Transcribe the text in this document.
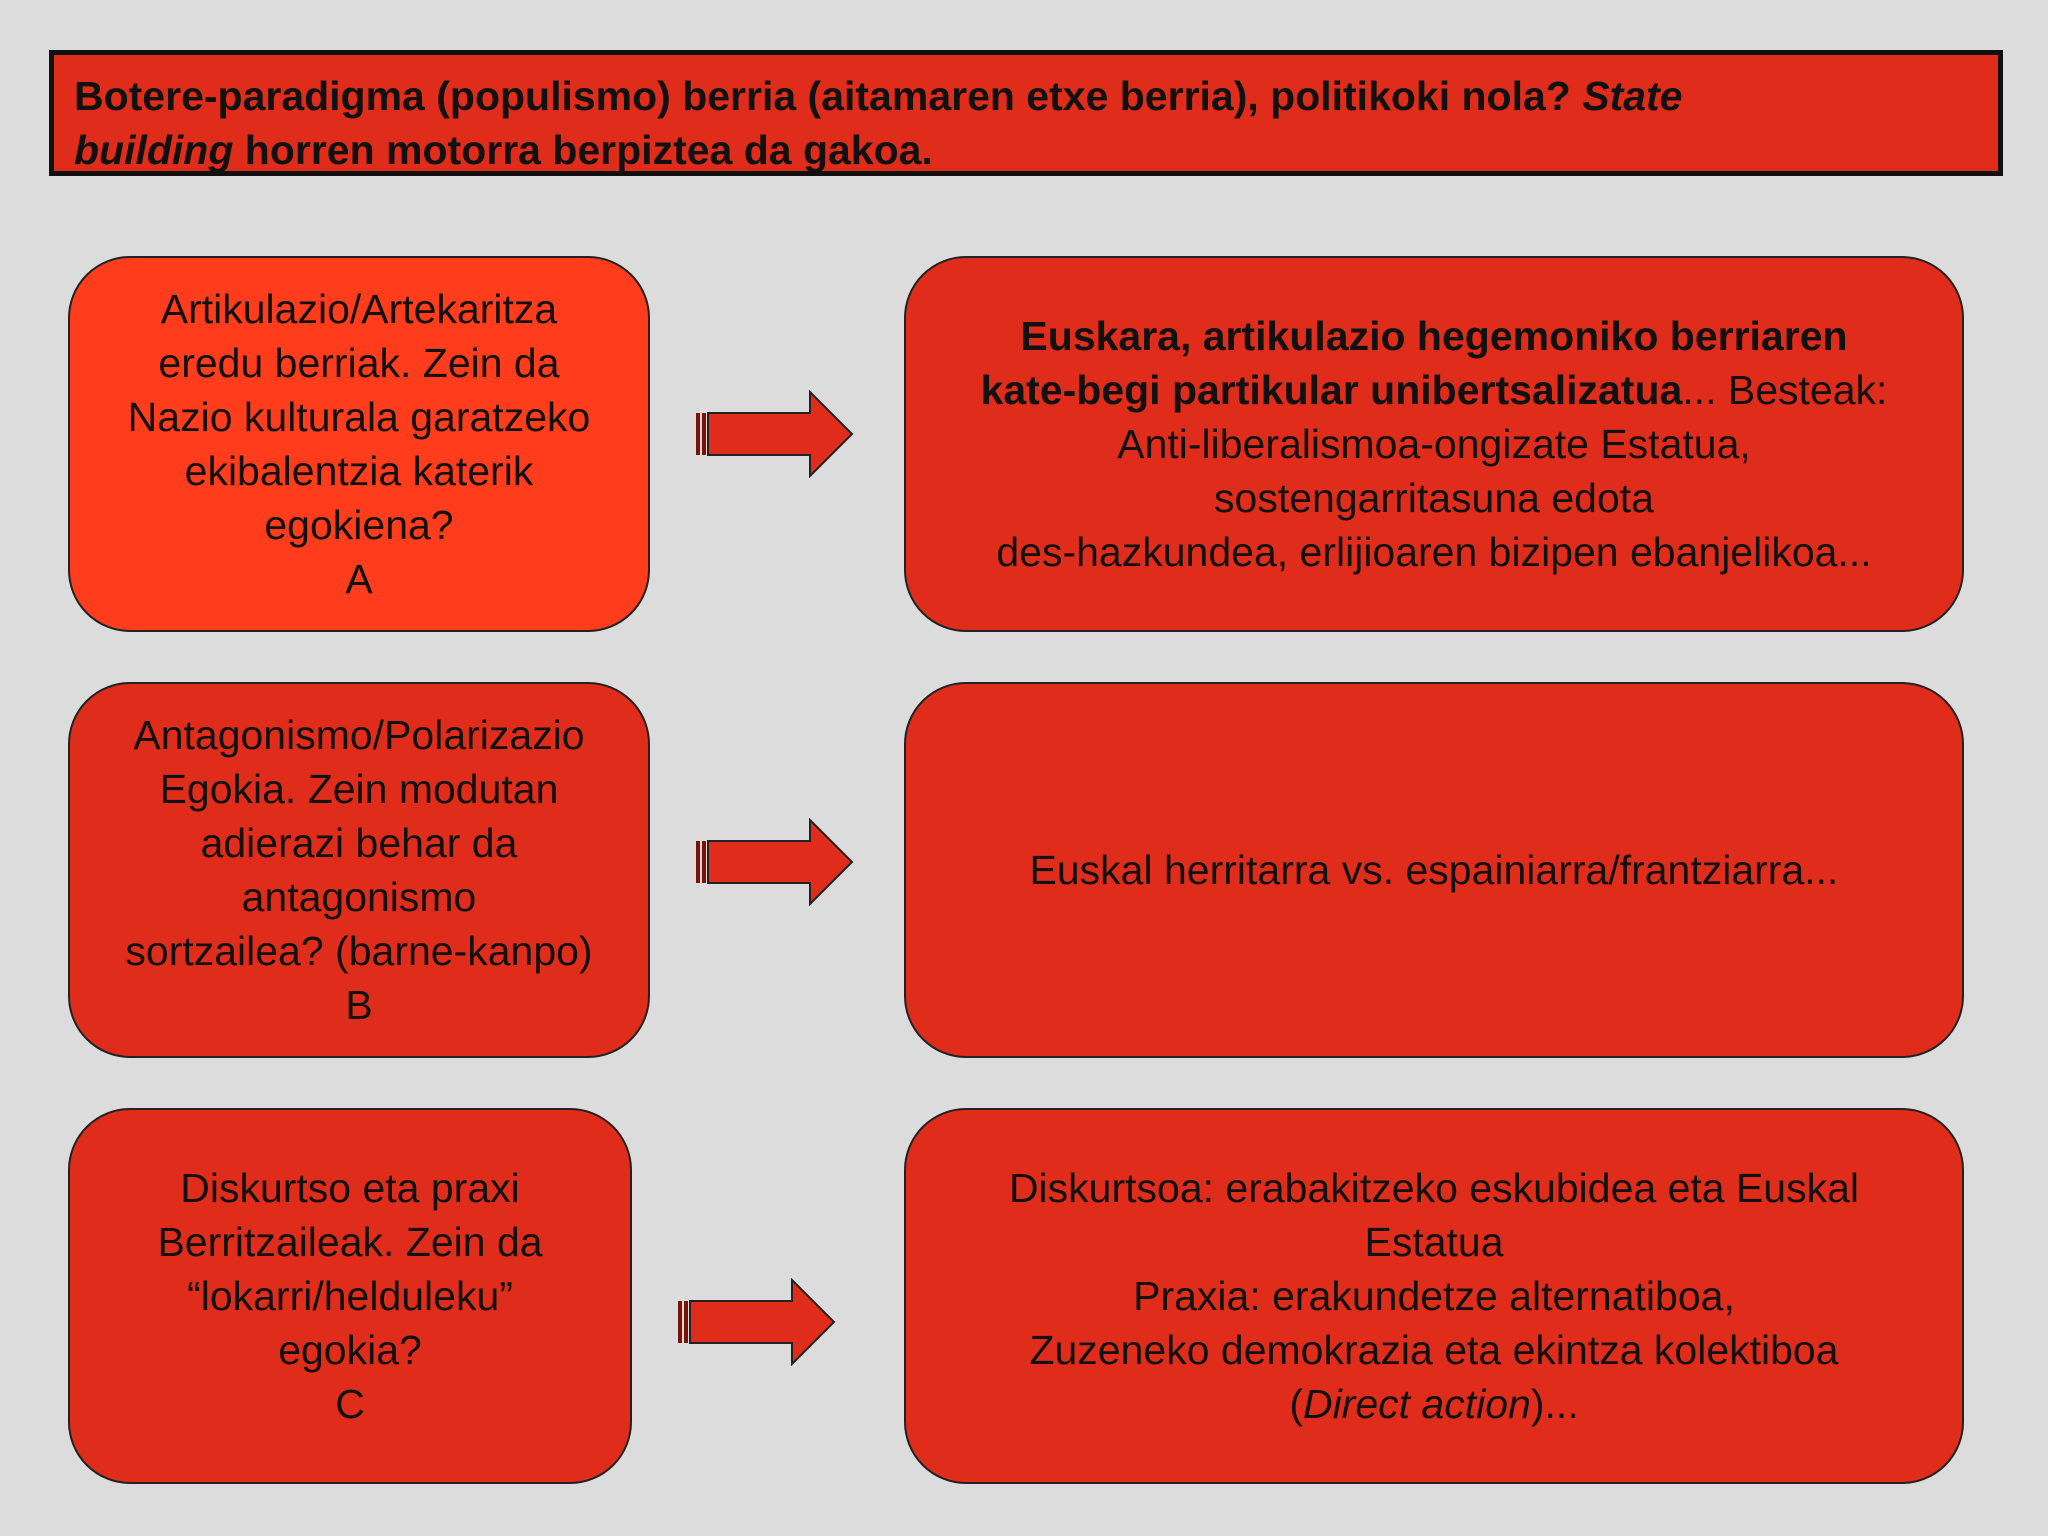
Botere-paradigma (populismo) berria (aitamaren etxe berria), politikoki nola? State
building horren motorra berpiztea da gakoa.
Artikulazio/Artekaritza
eredu berriak. Zein da
Nazio kulturala garatzeko
ekibalentzia katerik
egokiena?
A
Euskara, artikulazio hegemoniko berriaren
kate-begi partikular unibertsalizatua... Besteak:
Anti-liberalismoa-ongizate Estatua,
sostengarritasuna edota
des-hazkundea, erlijioaren bizipen ebanjelikoa...
Antagonismo/Polarizazio
Egokia. Zein modutan
adierazi behar da
antagonismo
sortzailea? (barne-kanpo)
B
Euskal herritarra vs. espainiarra/frantziarra...
Diskurtso eta praxi
Berritzaileak. Zein da
“lokarri/helduleku”
egokia?
C
Diskurtsoa: erabakitzeko eskubidea eta Euskal
Estatua
Praxia: erakundetze alternatiboa,
Zuzeneko demokrazia eta ekintza kolektiboa
(Direct action)...
